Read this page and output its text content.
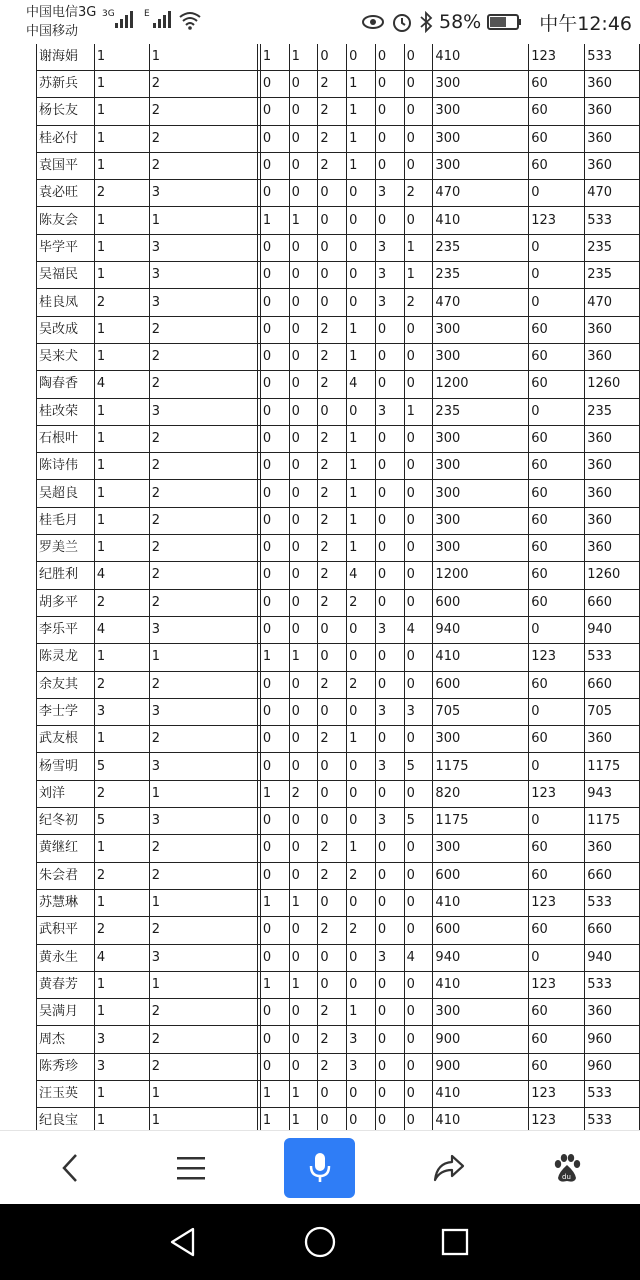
中国电信3G
中国移动
3G	E	58%	中午12:46
谢海娟	1	1		1	1	0	0	0	0	410	123	533
苏新兵	1	2		0	0	2	1	0	0	300	60	360
杨长友	1	2		0	0	2	1	0	0	300	60	360
桂必付	1	2		0	0	2	1	0	0	300	60	360
袁国平	1	2		0	0	2	1	0	0	300	60	360
袁必旺	2	3		0	0	0	0	3	2	470	0	470
陈友会	1	1		1	1	0	0	0	0	410	123	533
毕学平	1	3		0	0	0	0	3	1	235	0	235
吴福民	1	3		0	0	0	0	3	1	235	0	235
桂良凤	2	3		0	0	0	0	3	2	470	0	470
吴改成	1	2		0	0	2	1	0	0	300	60	360
吴来犬	1	2		0	0	2	1	0	0	300	60	360
陶春香	4	2		0	0	2	4	0	0	1200	60	1260
桂改荣	1	3		0	0	0	0	3	1	235	0	235
石根叶	1	2		0	0	2	1	0	0	300	60	360
陈诗伟	1	2		0	0	2	1	0	0	300	60	360
吴超良	1	2		0	0	2	1	0	0	300	60	360
桂毛月	1	2		0	0	2	1	0	0	300	60	360
罗美兰	1	2		0	0	2	1	0	0	300	60	360
纪胜利	4	2		0	0	2	4	0	0	1200	60	1260
胡多平	2	2		0	0	2	2	0	0	600	60	660
李乐平	4	3		0	0	0	0	3	4	940	0	940
陈灵龙	1	1		1	1	0	0	0	0	410	123	533
余友其	2	2		0	0	2	2	0	0	600	60	660
李士学	3	3		0	0	0	0	3	3	705	0	705
武友根	1	2		0	0	2	1	0	0	300	60	360
杨雪明	5	3		0	0	0	0	3	5	1175	0	1175
刘洋	2	1		1	2	0	0	0	0	820	123	943
纪冬初	5	3		0	0	0	0	3	5	1175	0	1175
黄继红	1	2		0	0	2	1	0	0	300	60	360
朱会君	2	2		0	0	2	2	0	0	600	60	660
苏慧琳	1	1		1	1	0	0	0	0	410	123	533
武积平	2	2		0	0	2	2	0	0	600	60	660
黄永生	4	3		0	0	0	0	3	4	940	0	940
黄春芳	1	1		1	1	0	0	0	0	410	123	533
吴满月	1	2		0	0	2	1	0	0	300	60	360
周杰	3	2		0	0	2	3	0	0	900	60	960
陈秀珍	3	2		0	0	2	3	0	0	900	60	960
汪玉英	1	1		1	1	0	0	0	0	410	123	533
纪良宝	1	1		1	1	0	0	0	0	410	123	533
du
